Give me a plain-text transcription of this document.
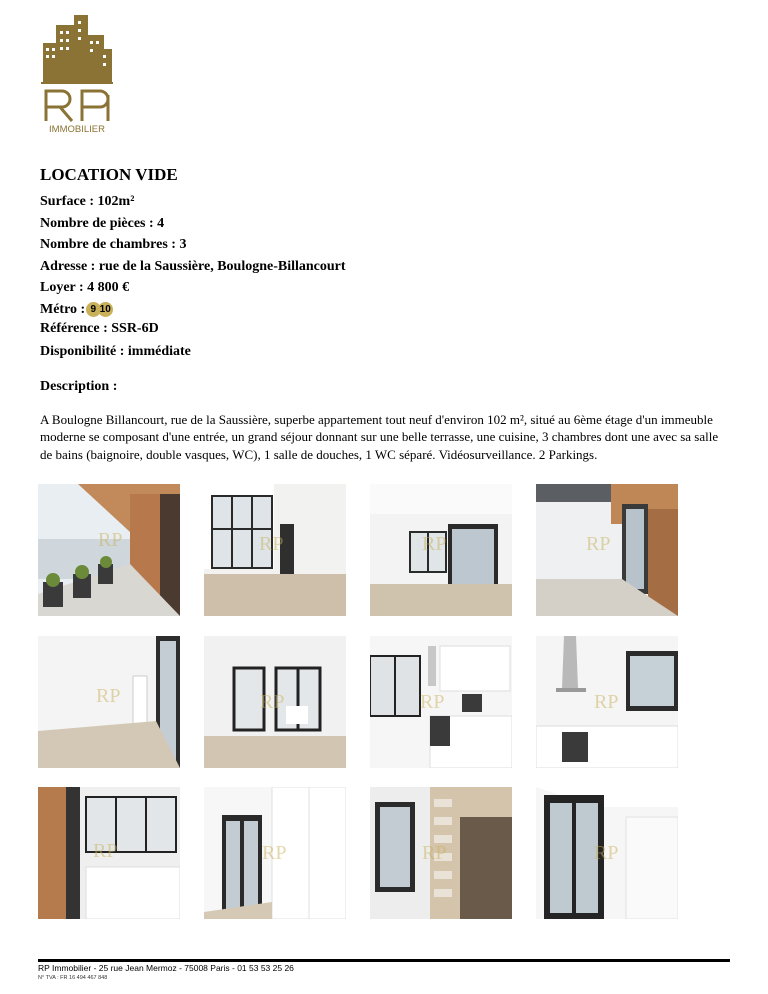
IMMOBILIER
LOCATION VIDE
Surface : 102m²
Nombre de pièces : 4
Nombre de chambres : 3
Adresse : rue de la Saussière, Boulogne-Billancourt
Loyer : 4 800 €
Métro : 9 10
Référence : SSR-6D
Disponibilité : immédiate
Description :
A Boulogne Billancourt, rue de la Saussière, superbe appartement tout neuf d'environ 102 m², situé au 6ème étage d'un immeuble moderne se composant d'une entrée, un grand séjour donnant sur une belle terrasse, une cuisine, 3 chambres dont une avec sa salle de bains (baignoire, double vasques, WC), 1 salle de douches, 1 WC séparé. Vidéosurveillance. 2 Parkings.
RP	RP	RP	RP
RP	RP	RP	RP
RP	RP	RP	RP
RP Immobilier - 25 rue Jean Mermoz - 75008 Paris - 01 53 53 25 26
N° TVA : FR 16 494 467 848
